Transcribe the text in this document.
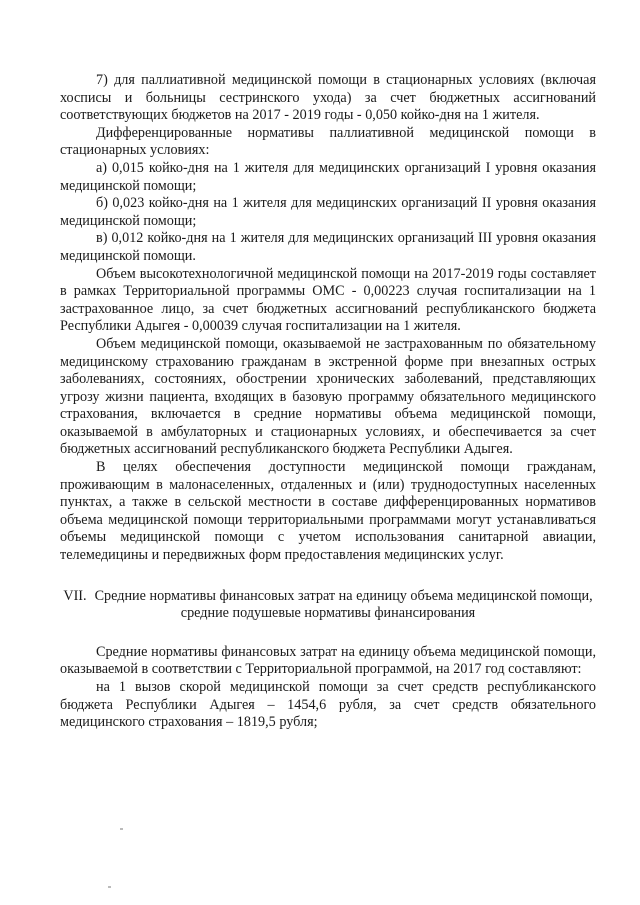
7) для паллиативной медицинской помощи в стационарных условиях (включая хосписы и больницы сестринского ухода) за счет бюджетных ассигнований соответствующих бюджетов на 2017 - 2019 годы - 0,050 койко-дня на 1 жителя.

Дифференцированные нормативы паллиативной медицинской помощи в стационарных условиях:

а) 0,015 койко-дня на 1 жителя для медицинских организаций I уровня оказания медицинской помощи;

б) 0,023 койко-дня на 1 жителя для медицинских организаций II уровня оказания медицинской помощи;

в) 0,012 койко-дня на 1 жителя для медицинских организаций III уровня оказания медицинской помощи.

Объем высокотехнологичной медицинской помощи на 2017-2019 годы составляет в рамках Территориальной программы ОМС - 0,00223 случая госпитализации на 1 застрахованное лицо, за счет бюджетных ассигнований республиканского бюджета Республики Адыгея - 0,00039 случая госпитализации на 1 жителя.

Объем медицинской помощи, оказываемой не застрахованным по обязательному медицинскому страхованию гражданам в экстренной форме при внезапных острых заболеваниях, состояниях, обострении хронических заболеваний, представляющих угрозу жизни пациента, входящих в базовую программу обязательного медицинского страхования, включается в средние нормативы объема медицинской помощи, оказываемой в амбулаторных и стационарных условиях, и обеспечивается за счет бюджетных ассигнований республиканского бюджета Республики Адыгея.

В целях обеспечения доступности медицинской помощи гражданам, проживающим в малонаселенных, отдаленных и (или) труднодоступных населенных пунктах, а также в сельской местности в составе дифференцированных нормативов объема медицинской помощи территориальными программами могут устанавливаться объемы медицинской помощи с учетом использования санитарной авиации, телемедицины и передвижных форм предоставления медицинских услуг.

VII. Средние нормативы финансовых затрат на единицу объема медицинской помощи, средние подушевые нормативы финансирования

Средние нормативы финансовых затрат на единицу объема медицинской помощи, оказываемой в соответствии с Территориальной программой, на 2017 год составляют:

на 1 вызов скорой медицинской помощи за счет средств республиканского бюджета Республики Адыгея – 1454,6 рубля, за счет средств обязательного медицинского страхования – 1819,5 рубля;
